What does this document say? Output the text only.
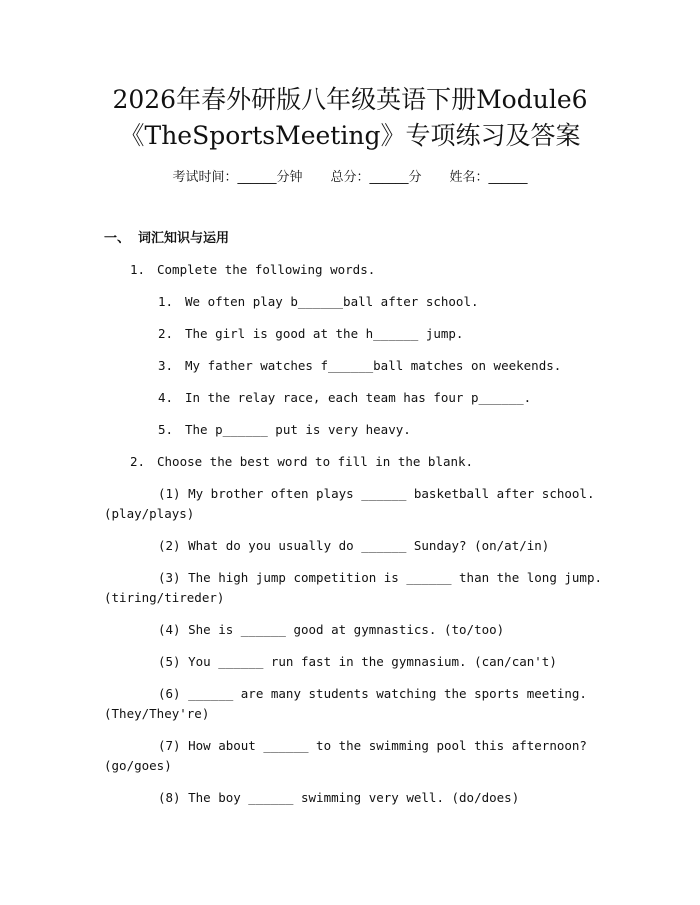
2026年春外研版八年级英语下册Module6
《TheSportsMeeting》专项练习及答案
考试时间：______分钟 总分：______分 姓名：______
一、 词汇知识与运用
1. Complete the following words.
1. We often play b______ball after school.
2. The girl is good at the h______ jump.
3. My father watches f______ball matches on weekends.
4. In the relay race, each team has four p______.
5. The p______ put is very heavy.
2. Choose the best word to fill in the blank.
(1) My brother often plays ______ basketball after school.
(play/plays)
(2) What do you usually do ______ Sunday? (on/at/in)
(3) The high jump competition is ______ than the long jump.
(tiring/tireder)
(4) She is ______ good at gymnastics. (to/too)
(5) You ______ run fast in the gymnasium. (can/can't)
(6) ______ are many students watching the sports meeting.
(They/They're)
(7) How about ______ to the swimming pool this afternoon?
(go/goes)
(8) The boy ______ swimming very well. (do/does)
